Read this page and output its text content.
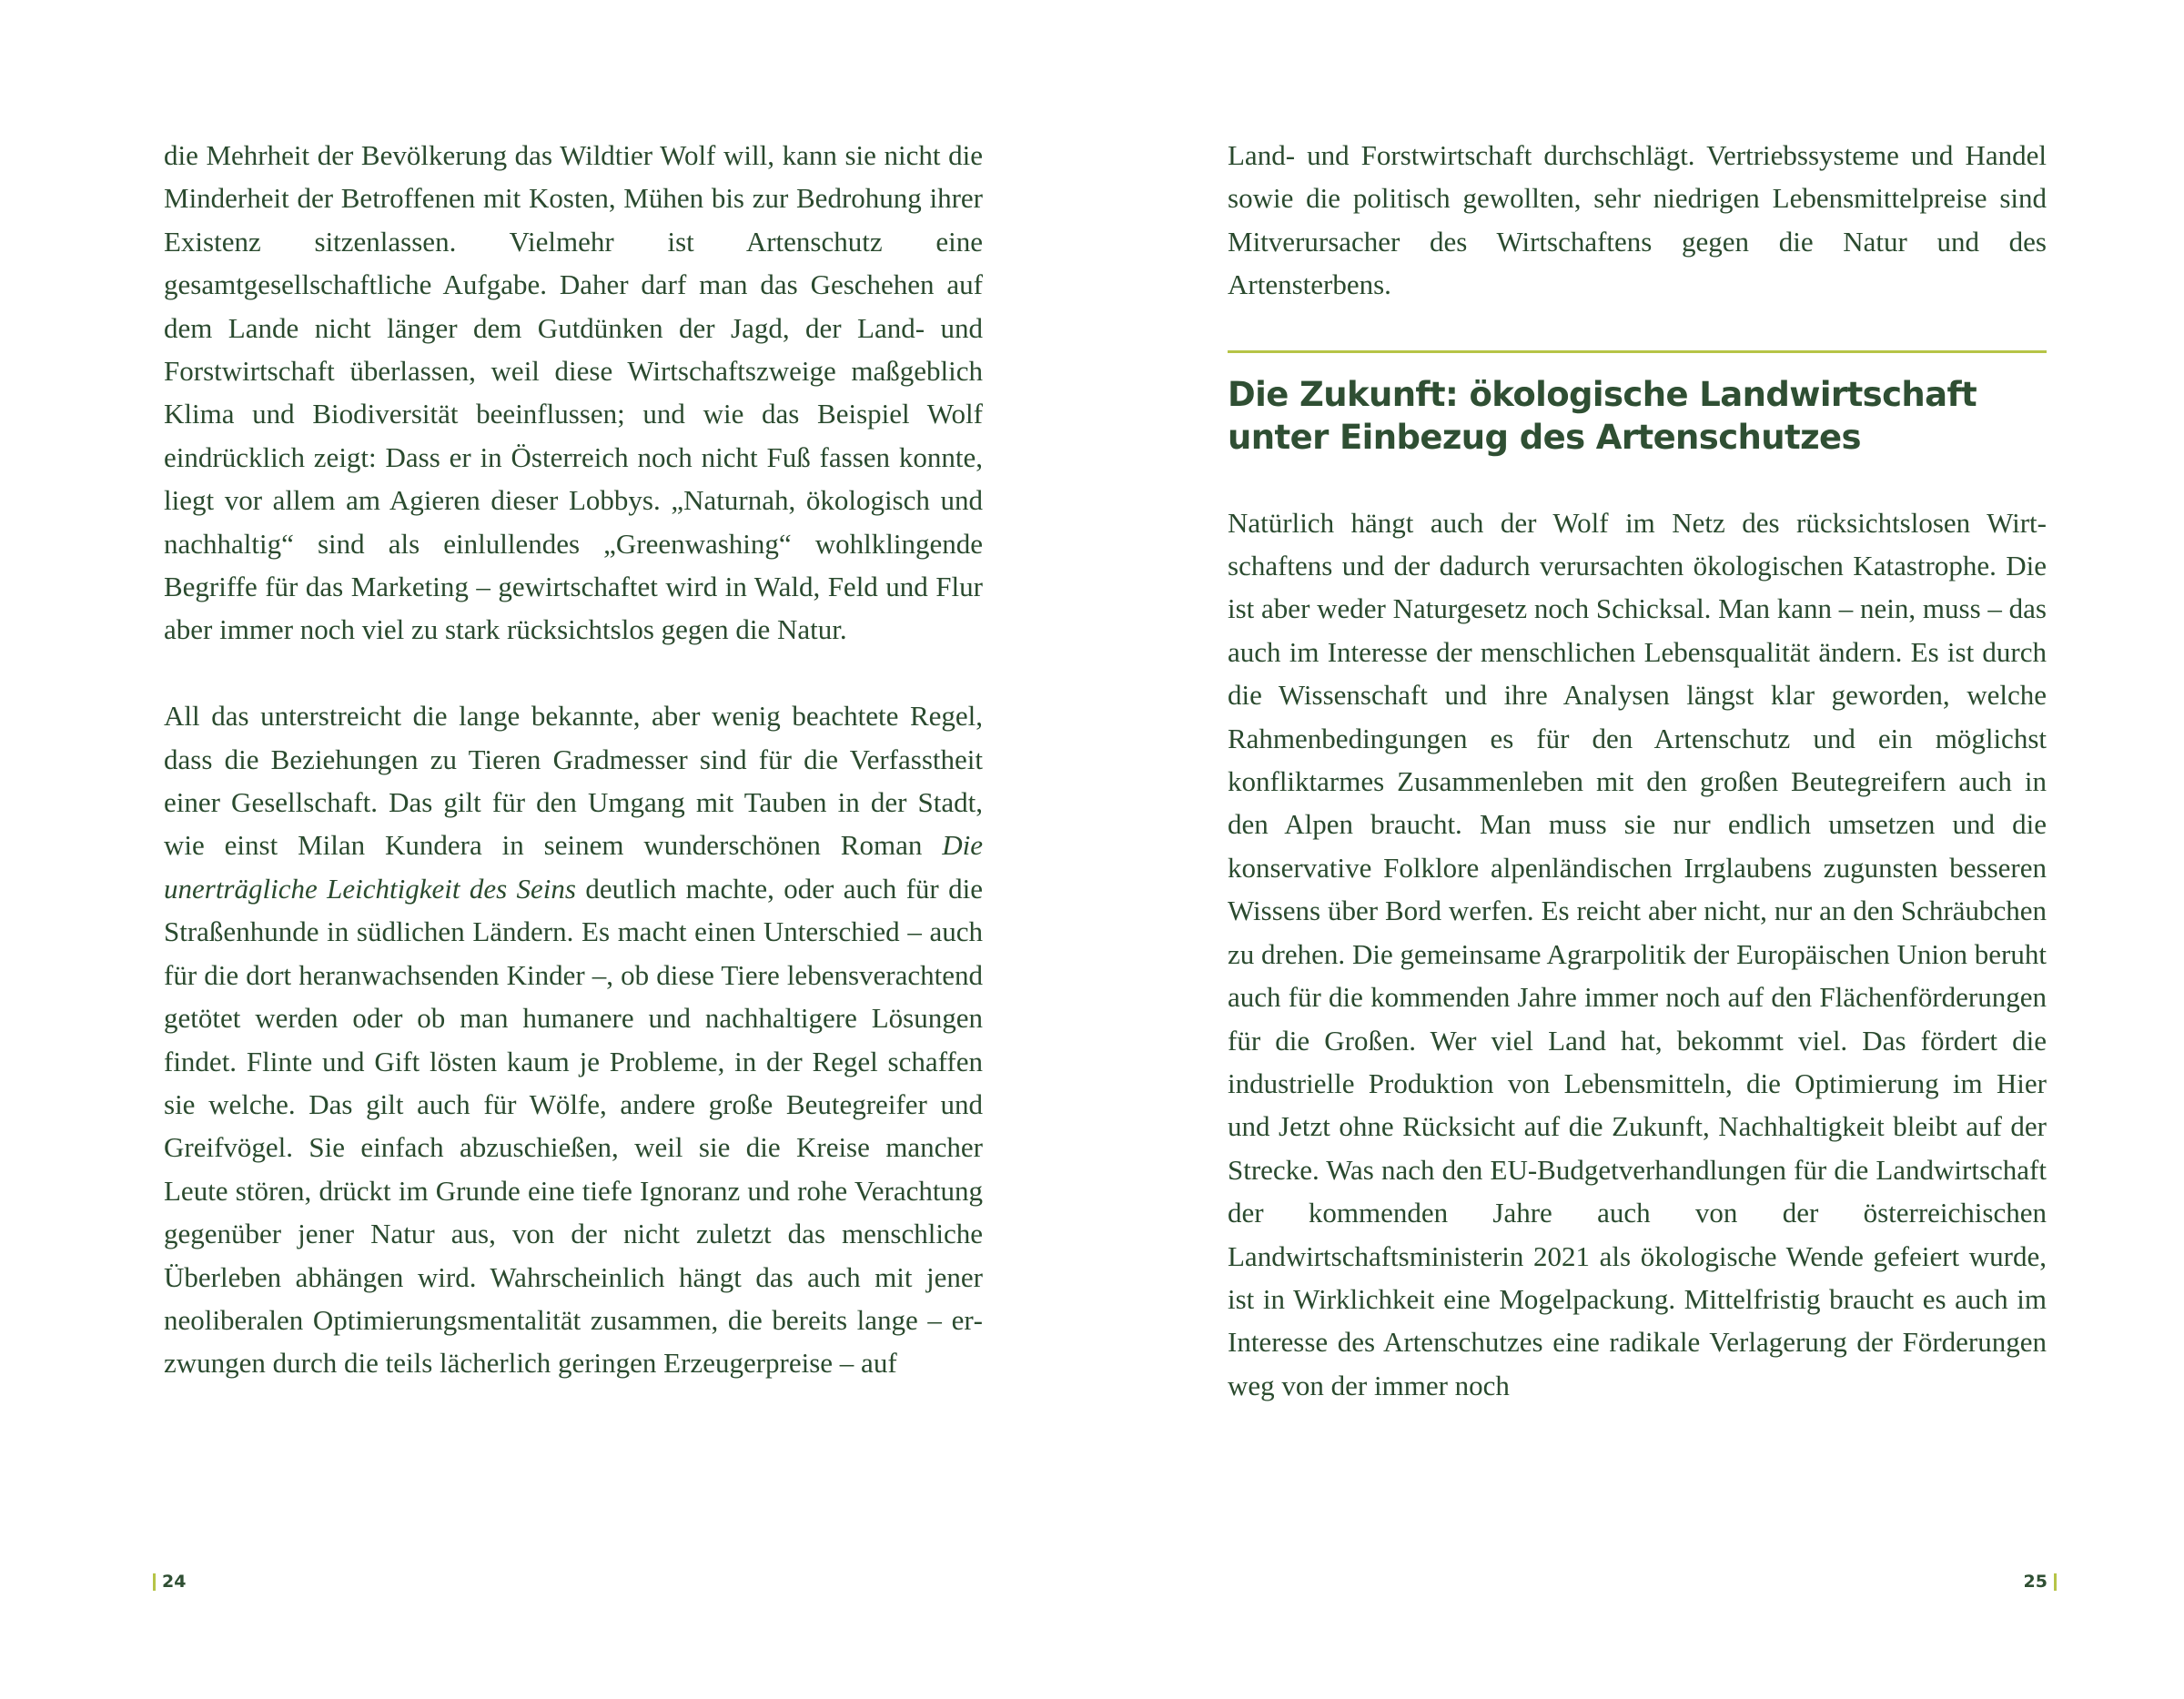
die Mehrheit der Bevölkerung das Wildtier Wolf will, kann sie nicht die Minderheit der Betroffenen mit Kosten, Mühen bis zur Bedrohung ihrer Existenz sitzenlassen. Vielmehr ist Artenschutz eine gesamtgesellschaftliche Aufgabe. Daher darf man das Geschehen auf dem Lande nicht länger dem Gutdünken der Jagd, der Land- und Forstwirtschaft überlassen, weil diese Wirtschaftszweige maßgeblich Klima und Biodiversität beeinflussen; und wie das Beispiel Wolf eindrücklich zeigt: Dass er in Österreich noch nicht Fuß fassen konnte, liegt vor allem am Agieren dieser Lobbys. „Naturnah, ökologisch und nachhaltig“ sind als einlullendes „Greenwashing“ wohlklingende Begriffe für das Marketing – gewirtschaftet wird in Wald, Feld und Flur aber immer noch viel zu stark rücksichtslos gegen die Natur.

All das unterstreicht die lange bekannte, aber wenig beachtete Regel, dass die Beziehungen zu Tieren Gradmesser sind für die Verfasstheit einer Gesellschaft. Das gilt für den Umgang mit Tauben in der Stadt, wie einst Milan Kundera in seinem wunderschönen Roman Die unerträgliche Leichtigkeit des Seins deutlich machte, oder auch für die Straßenhunde in südlichen Ländern. Es macht einen Unterschied – auch für die dort heranwachsenden Kinder –, ob diese Tiere lebensverachtend getötet werden oder ob man humanere und nachhaltigere Lösungen findet. Flinte und Gift lösten kaum je Probleme, in der Regel schaffen sie welche. Das gilt auch für Wölfe, andere große Beutegreifer und Greifvögel. Sie einfach abzuschießen, weil sie die Kreise mancher Leute stören, drückt im Grunde eine tiefe Ignoranz und rohe Verachtung gegenüber jener Natur aus, von der nicht zuletzt das menschliche Überleben abhängen wird. Wahrscheinlich hängt das auch mit jener neoliberalen Optimierungsmentalität zusammen, die bereits lange – erzwungen durch die teils lächerlich geringen Erzeugerpreise – auf

24

Land- und Forstwirtschaft durchschlägt. Vertriebssysteme und Handel sowie die politisch gewollten, sehr niedrigen Lebensmittelpreise sind Mitverursacher des Wirtschaftens gegen die Natur und des Artensterbens.

Die Zukunft: ökologische Landwirtschaft unter Einbezug des Artenschutzes

Natürlich hängt auch der Wolf im Netz des rücksichtslosen Wirtschaftens und der dadurch verursachten ökologischen Katastrophe. Die ist aber weder Naturgesetz noch Schicksal. Man kann – nein, muss – das auch im Interesse der menschlichen Lebensqualität ändern. Es ist durch die Wissenschaft und ihre Analysen längst klar geworden, welche Rahmenbedingungen es für den Artenschutz und ein möglichst konfliktarmes Zusammenleben mit den großen Beutegreifern auch in den Alpen braucht. Man muss sie nur endlich umsetzen und die konservative Folklore alpenländischen Irrglaubens zugunsten besseren Wissens über Bord werfen. Es reicht aber nicht, nur an den Schräubchen zu drehen. Die gemeinsame Agrarpolitik der Europäischen Union beruht auch für die kommenden Jahre immer noch auf den Flächenförderungen für die Großen. Wer viel Land hat, bekommt viel. Das fördert die industrielle Produktion von Lebensmitteln, die Optimierung im Hier und Jetzt ohne Rücksicht auf die Zukunft, Nachhaltigkeit bleibt auf der Strecke. Was nach den EU-Budgetverhandlungen für die Landwirtschaft der kommenden Jahre auch von der österreichischen Landwirtschaftsministerin 2021 als ökologische Wende gefeiert wurde, ist in Wirklichkeit eine Mogelpackung. Mittelfristig braucht es auch im Interesse des Artenschutzes eine radikale Verlagerung der Förderungen weg von der immer noch

25
